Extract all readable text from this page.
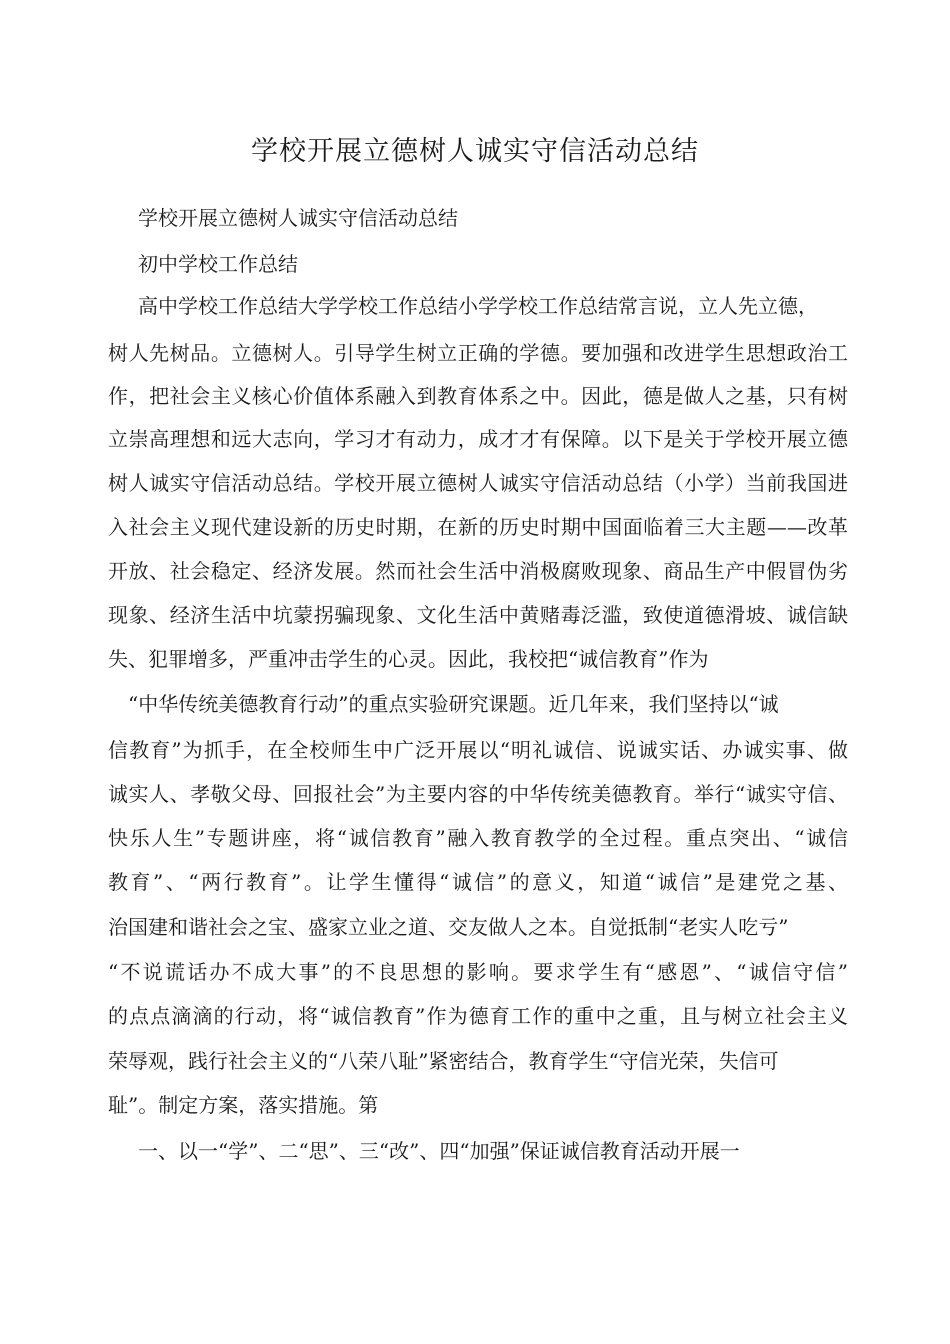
学校开展立德树人诚实守信活动总结

学校开展立德树人诚实守信活动总结

初中学校工作总结

高中学校工作总结大学学校工作总结小学学校工作总结常言说，立人先立德，

树人先树品。立德树人。引导学生树立正确的学德。要加强和改进学生思想政治工

作，把社会主义核心价值体系融入到教育体系之中。因此，德是做人之基，只有树

立崇高理想和远大志向，学习才有动力，成才才有保障。以下是关于学校开展立德

树人诚实守信活动总结。学校开展立德树人诚实守信活动总结（小学）当前我国进

入社会主义现代建设新的历史时期，在新的历史时期中国面临着三大主题——改革

开放、社会稳定、经济发展。然而社会生活中消极腐败现象、商品生产中假冒伪劣

现象、经济生活中坑蒙拐骗现象、文化生活中黄赌毒泛滥，致使道德滑坡、诚信缺

失、犯罪增多，严重冲击学生的心灵。因此，我校把“诚信教育”作为

“中华传统美德教育行动”的重点实验研究课题。近几年来，我们坚持以“诚

信教育”为抓手，在全校师生中广泛开展以“明礼诚信、说诚实话、办诚实事、做

诚实人、孝敬父母、回报社会”为主要内容的中华传统美德教育。举行“诚实守信、

快乐人生”专题讲座，将“诚信教育”融入教育教学的全过程。重点突出、“诚信

教育”、“两行教育”。让学生懂得“诚信”的意义，知道“诚信”是建党之基、

治国建和谐社会之宝、盛家立业之道、交友做人之本。自觉抵制“老实人吃亏”

“不说谎话办不成大事”的不良思想的影响。要求学生有“感恩”、“诚信守信”

的点点滴滴的行动，将“诚信教育”作为德育工作的重中之重，且与树立社会主义

荣辱观，践行社会主义的“八荣八耻”紧密结合，教育学生“守信光荣，失信可

耻”。制定方案，落实措施。第

一、以一“学”、二“思”、三“改”、四“加强”保证诚信教育活动开展一
